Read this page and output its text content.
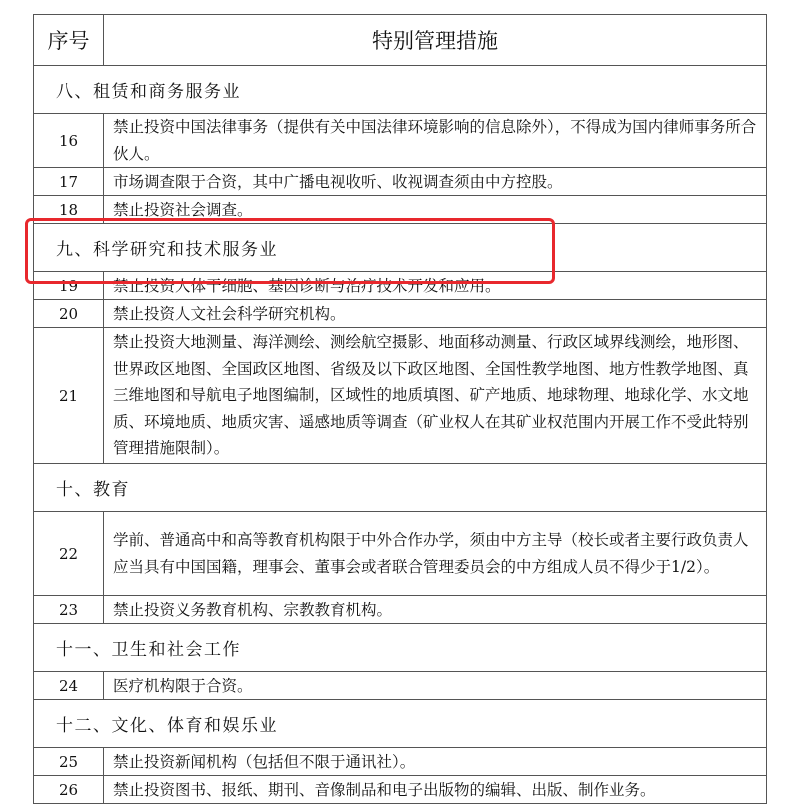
序号	特别管理措施
八、租赁和商务服务业	
16	禁止投资中国法律事务（提供有关中国法律环境影响的信息除外），不得成为国内律师事务所合伙人。
17	市场调查限于合资，其中广播电视收听、收视调查须由中方控股。
18	禁止投资社会调查。
九、科学研究和技术服务业	
19	禁止投资人体干细胞、基因诊断与治疗技术开发和应用。
20	禁止投资人文社会科学研究机构。
21	禁止投资大地测量、海洋测绘、测绘航空摄影、地面移动测量、行政区域界线测绘，地形图、世界政区地图、全国政区地图、省级及以下政区地图、全国性教学地图、地方性教学地图、真三维地图和导航电子地图编制，区域性的地质填图、矿产地质、地球物理、地球化学、水文地质、环境地质、地质灾害、遥感地质等调查（矿业权人在其矿业权范围内开展工作不受此特别管理措施限制）。
十、教育	
22	学前、普通高中和高等教育机构限于中外合作办学，须由中方主导（校长或者主要行政负责人应当具有中国国籍，理事会、董事会或者联合管理委员会的中方组成人员不得少于1/2）。
23	禁止投资义务教育机构、宗教教育机构。
十一、卫生和社会工作	
24	医疗机构限于合资。
十二、文化、体育和娱乐业	
25	禁止投资新闻机构（包括但不限于通讯社）。
26	禁止投资图书、报纸、期刊、音像制品和电子出版物的编辑、出版、制作业务。
